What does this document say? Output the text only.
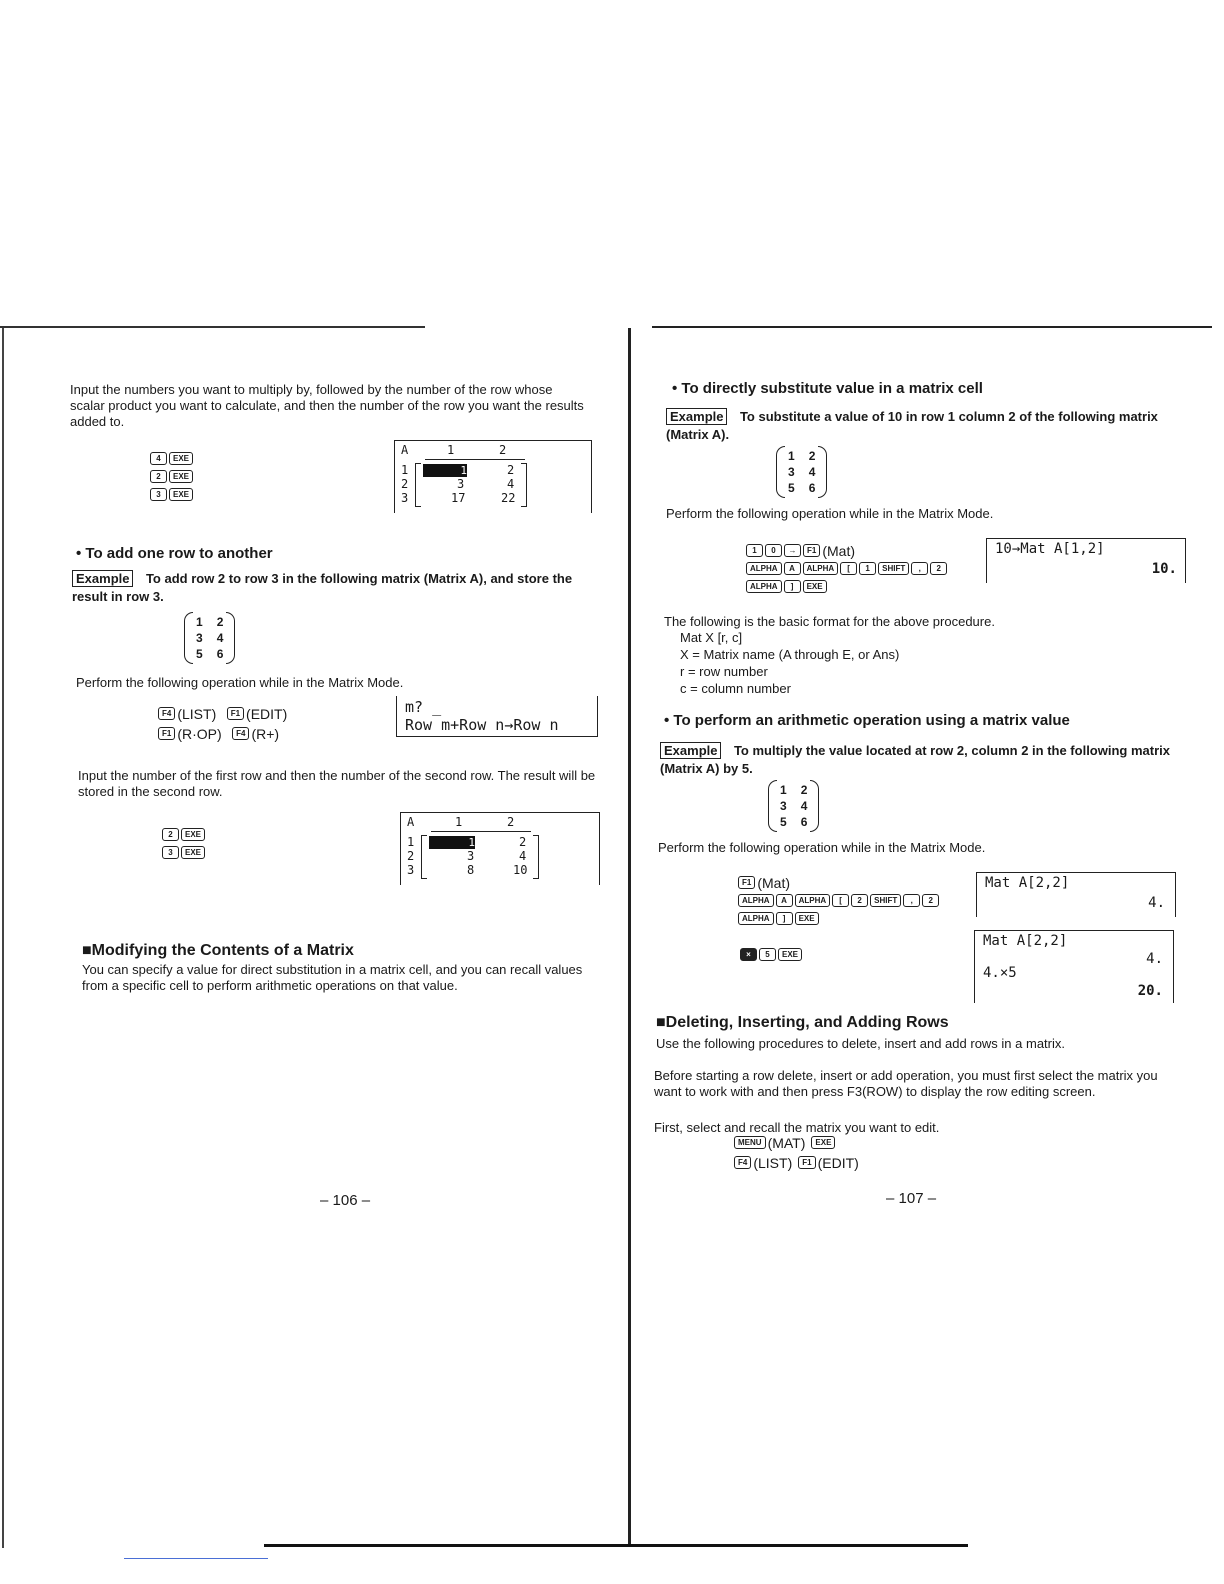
Input the numbers you want to multiply by, followed by the number of the row whose scalar product you want to calculate, and then the number of the row you want the results added to.
4 EXE
2 EXE
3 EXE
A	1	2
1	1	2
2	3	4
3	17	22
• To add one row to another
Example To add row 2 to row 3 in the following matrix (Matrix A), and store the result in row 3.
1 2
3 4
5 6
Perform the following operation while in the Matrix Mode.
F4 (LIST) F1 (EDIT)
F1 (R·OP) F4 (R+)
m? _
Row m+Row n→Row n
Input the number of the first row and then the number of the second row. The result will be stored in the second row.
2 EXE
3 EXE
A	1	2
1	1	2
2	3	4
3	8	10
■Modifying the Contents of a Matrix
You can specify a value for direct substitution in a matrix cell, and you can recall values from a specific cell to perform arithmetic operations on that value.
– 106 –
• To directly substitute value in a matrix cell
Example To substitute a value of 10 in row 1 column 2 of the following matrix (Matrix A).
1 2
3 4
5 6
Perform the following operation while in the Matrix Mode.
1 0 → F1 (Mat)
ALPHA A ALPHA [ 1 SHIFT , 2
ALPHA ] EXE
10→Mat A[1,2]
10.
The following is the basic format for the above procedure.
Mat X [r, c]
X = Matrix name (A through E, or Ans)
r = row number
c = column number
• To perform an arithmetic operation using a matrix value
Example To multiply the value located at row 2, column 2 in the following matrix (Matrix A) by 5.
1 2
3 4
5 6
Perform the following operation while in the Matrix Mode.
F1 (Mat)
ALPHA A ALPHA [ 2 SHIFT , 2
ALPHA ] EXE
× 5 EXE
Mat A[2,2]
4.
Mat A[2,2]
4.
4.×5
20.
■Deleting, Inserting, and Adding Rows
Use the following procedures to delete, insert and add rows in a matrix.
Before starting a row delete, insert or add operation, you must first select the matrix you want to work with and then press F3(ROW) to display the row editing screen.
First, select and recall the matrix you want to edit.
MENU (MAT) EXE
F4 (LIST) F1 (EDIT)
– 107 –
